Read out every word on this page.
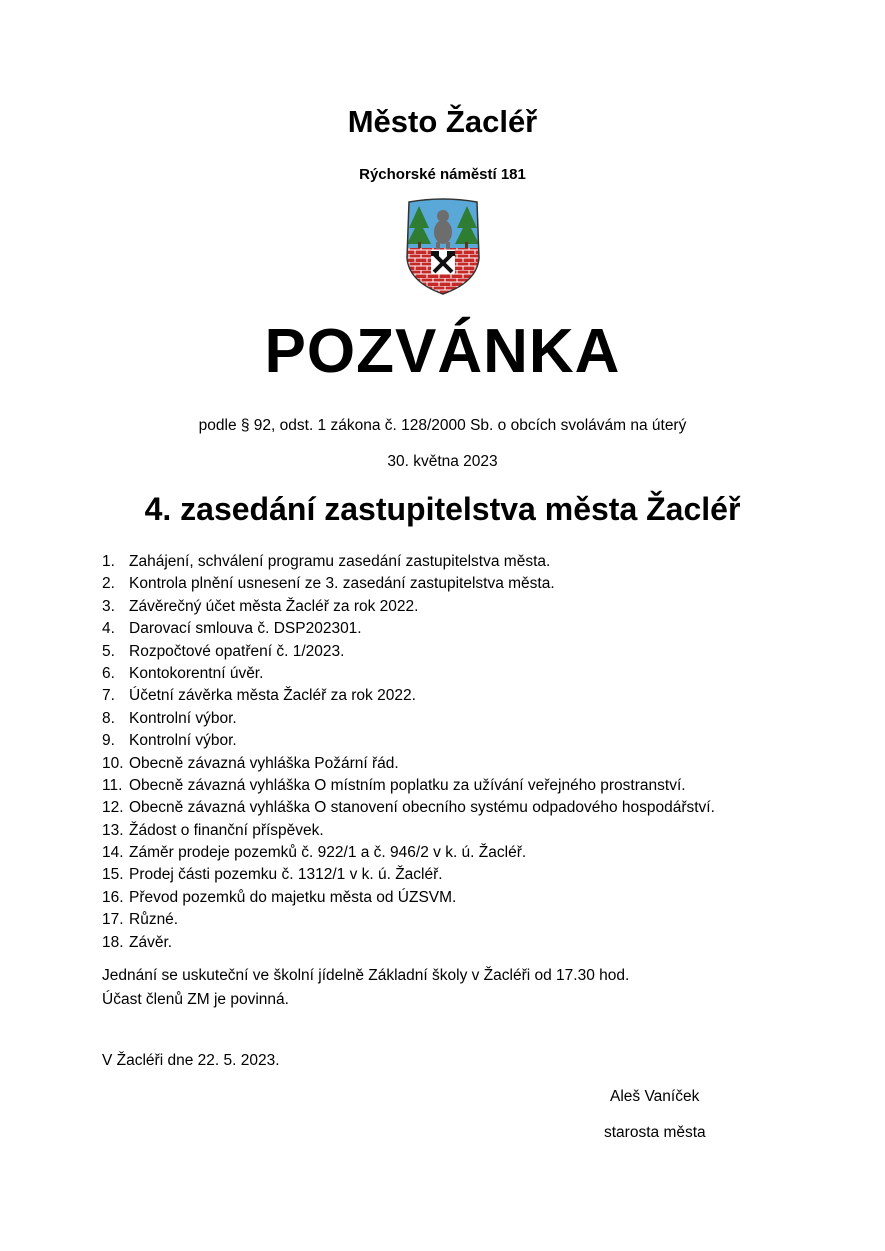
Město Žacléř
Rýchorské náměstí 181
POZVÁNKA
podle § 92, odst. 1 zákona č. 128/2000 Sb. o obcích svolávám na úterý
30. května 2023
4. zasedání zastupitelstva města Žacléř
1. Zahájení, schválení programu zasedání zastupitelstva města.
2. Kontrola plnění usnesení ze 3. zasedání zastupitelstva města.
3. Závěrečný účet města Žacléř za rok 2022.
4. Darovací smlouva č. DSP202301.
5. Rozpočtové opatření č. 1/2023.
6. Kontokorentní úvěr.
7. Účetní závěrka města Žacléř za rok 2022.
8. Kontrolní výbor.
9. Kontrolní výbor.
10. Obecně závazná vyhláška Požární řád.
11. Obecně závazná vyhláška O místním poplatku za užívání veřejného prostranství.
12. Obecně závazná vyhláška O stanovení obecního systému odpadového hospodářství.
13. Žádost o finanční příspěvek.
14. Záměr prodeje pozemků č. 922/1 a č. 946/2 v k. ú. Žacléř.
15. Prodej části pozemku č. 1312/1 v k. ú. Žacléř.
16. Převod pozemků do majetku města od ÚZSVM.
17. Různé.
18. Závěr.
Jednání se uskuteční ve školní jídelně Základní školy v Žacléři od 17.30 hod.
Účast členů ZM je povinná.
V Žacléři dne 22. 5. 2023.
Aleš Vaníček
starosta města
